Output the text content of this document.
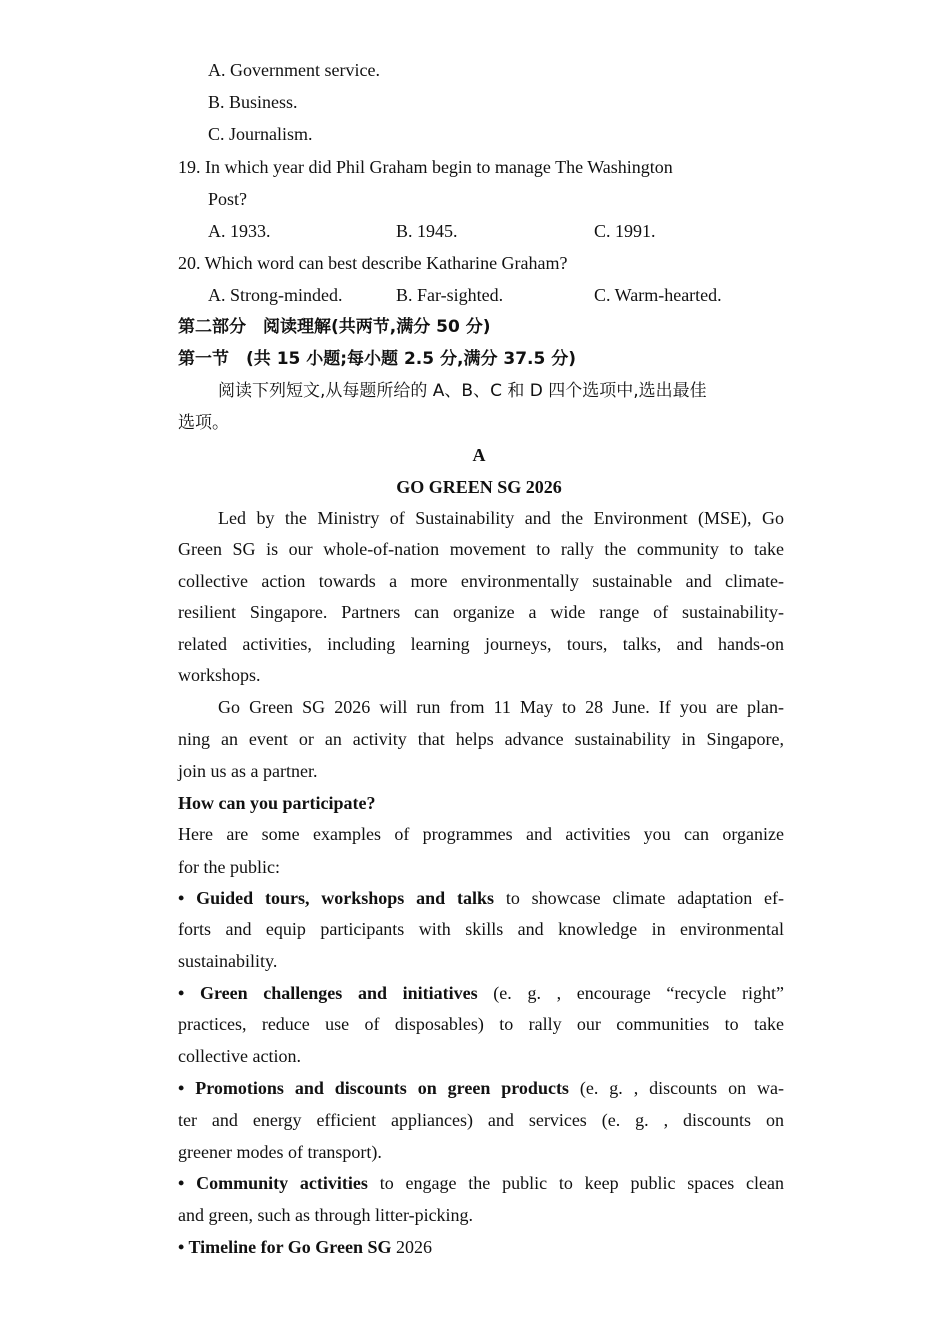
A. Government service.
B. Business.
C. Journalism.
19. In which year did Phil Graham begin to manage The Washington
Post?
A. 1933.	B. 1945.	C. 1991.
20. Which word can best describe Katharine Graham?
A. Strong-minded.	B. Far-sighted.	C. Warm-hearted.
第二部分　阅读理解(共两节,满分 50 分)
第一节　(共 15 小题;每小题 2.5 分,满分 37.5 分)
阅读下列短文,从每题所给的 A、B、C 和 D 四个选项中,选出最佳
选项。
A
GO GREEN SG 2026
Led by the Ministry of Sustainability and the Environment (MSE), Go
Green SG is our whole-of-nation movement to rally the community to take
collective action towards a more environmentally sustainable and climate-
resilient Singapore. Partners can organize a wide range of sustainability-
related activities, including learning journeys, tours, talks, and hands-on
workshops.
Go Green SG 2026 will run from 11 May to 28 June. If you are plan-
ning an event or an activity that helps advance sustainability in Singapore,
join us as a partner.
How can you participate?
Here are some examples of programmes and activities you can organize
for the public:
• Guided tours, workshops and talks to showcase climate adaptation ef-
forts and equip participants with skills and knowledge in environmental
sustainability.
• Green challenges and initiatives (e. g. , encourage “recycle right”
practices, reduce use of disposables) to rally our communities to take
collective action.
• Promotions and discounts on green products (e. g. , discounts on wa-
ter and energy efficient appliances) and services (e. g. , discounts on
greener modes of transport).
• Community activities to engage the public to keep public spaces clean
and green, such as through litter-picking.
• Timeline for Go Green SG 2026
